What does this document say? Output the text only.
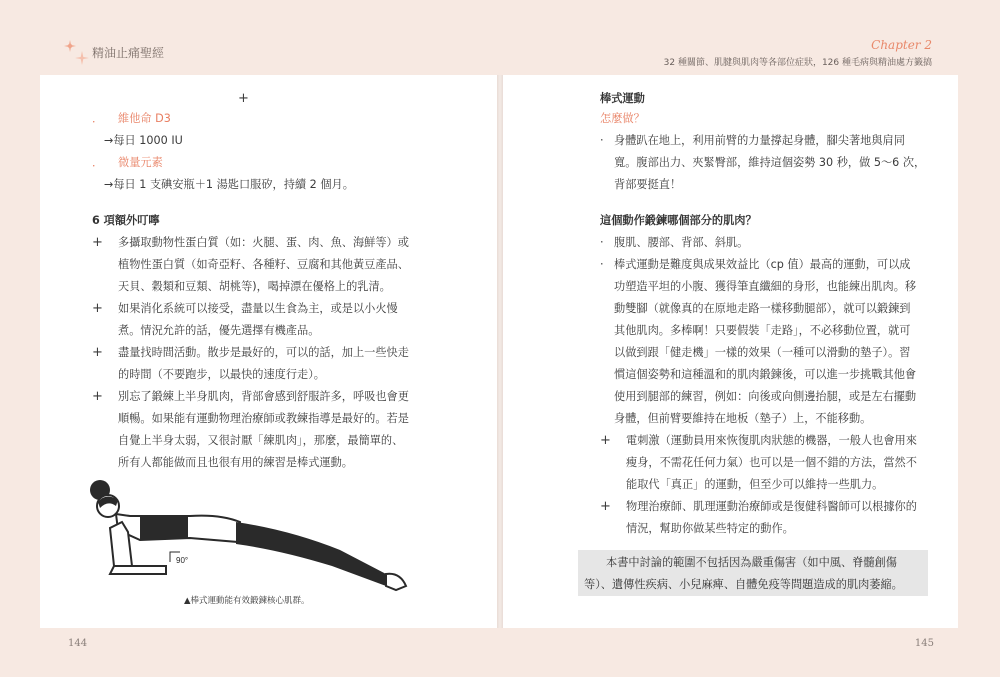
精油止痛聖經
Chapter 2
32 種關節、肌腱與肌肉等各部位症狀，126 種毛病與精油處方籤搞
+
．	維他命 D3
→每日 1000 IU
．	微量元素
→每日 1 支碘安瓶＋1 湯匙口服矽，持續 2 個月。
6 項額外叮嚀
+	多攝取動物性蛋白質（如：火腿、蛋、肉、魚、海鮮等）或
植物性蛋白質（如奇亞籽、各種籽、豆腐和其他黃豆產品、
天貝、穀類和豆類、胡桃等)，喝掉漂在優格上的乳清。
+	如果消化系統可以接受，盡量以生食為主，或是以小火慢
煮。情況允許的話，優先選擇有機產品。
+	盡量找時間活動。散步是最好的，可以的話，加上一些快走
的時間（不要跑步，以最快的速度行走）。
+	別忘了鍛練上半身肌肉，背部會感到舒服許多，呼吸也會更
順暢。如果能有運動物理治療師或教練指導是最好的。若是
自覺上半身太弱，又很討厭「練肌肉」，那麼，最簡單的、
所有人都能做而且也很有用的練習是棒式運動。
90°
▲棒式運動能有效鍛鍊核心肌群。
棒式運動
怎麼做？
· 身體趴在地上，利用前臂的力量撐起身體，腳尖著地與肩同
寬。腹部出力、夾緊臀部，維持這個姿勢 30 秒，做 5～6 次，
背部要挺直！
這個動作鍛鍊哪個部分的肌肉？
· 腹肌、腰部、背部、斜肌。
· 棒式運動是難度與成果效益比（cp 值）最高的運動，可以成
功塑造平坦的小腹、獲得筆直纖細的身形，也能練出肌肉。移
動雙腳（就像真的在原地走路一樣移動腿部），就可以鍛鍊到
其他肌肉。多棒啊！只要假裝「走路」，不必移動位置，就可
以做到跟「健走機」一樣的效果（一種可以滑動的墊子）。習
慣這個姿勢和這種溫和的肌肉鍛鍊後，可以進一步挑戰其他會
使用到腿部的練習，例如：向後或向側邊抬腿，或是左右擺動
身體，但前臂要維持在地板（墊子）上，不能移動。
+	電刺激（運動員用來恢復肌肉狀態的機器，一般人也會用來
瘦身，不需花任何力氣）也可以是一個不錯的方法，當然不
能取代「真正」的運動，但至少可以維持一些肌力。
+	物理治療師、肌理運動治療師或是復健科醫師可以根據你的
情況，幫助你做某些特定的動作。
本書中討論的範圍不包括因為嚴重傷害（如中風、脊髓創傷
等）、遺傳性疾病、小兒麻痺、自體免疫等問題造成的肌肉萎縮。
144	145
